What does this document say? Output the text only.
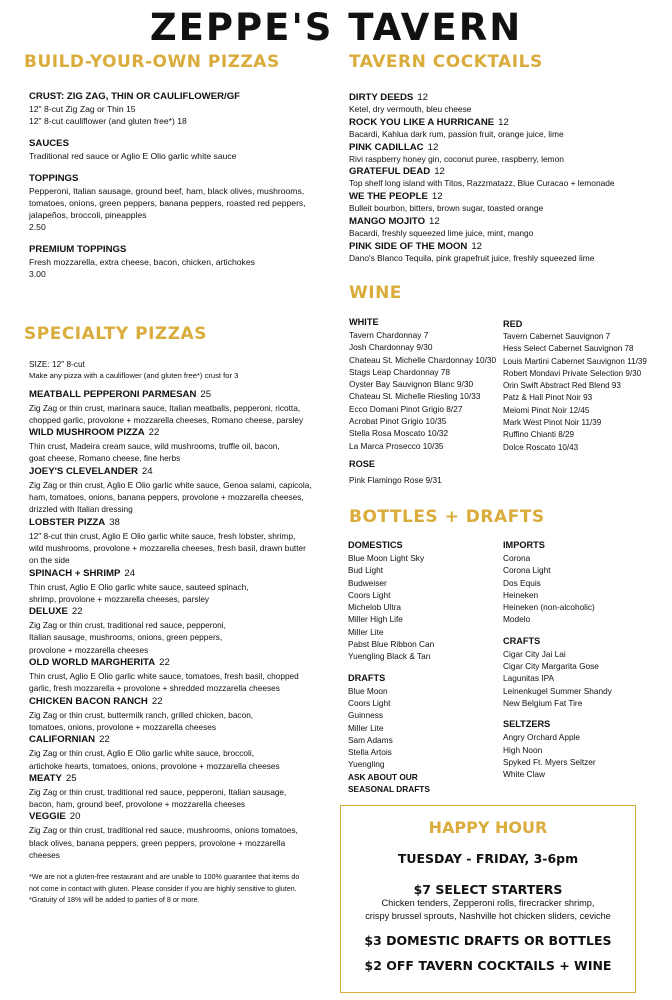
ZEPPE'S TAVERN
BUILD-YOUR-OWN PIZZAS
CRUST: ZIG ZAG, THIN OR CAULIFLOWER/GF
12" 8-cut Zig Zag or Thin 15
12" 8-cut cauliflower (and gluten free*) 18
SAUCES
Traditional red sauce or Aglio E Olio garlic white sauce
TOPPINGS
Pepperoni, Italian sausage, ground beef, ham, black olives, mushrooms,
tomatoes, onions, green peppers, banana peppers, roasted red peppers,
jalapeños, broccoli, pineapples
2.50
PREMIUM TOPPINGS
Fresh mozzarella, extra cheese, bacon, chicken, artichokes
3.00
SPECIALTY PIZZAS
SIZE: 12" 8-cut
Make any pizza with a cauliflower (and gluten free*) crust for 3
MEATBALL PEPPERONI PARMESAN 25
Zig Zag or thin crust, marinara sauce, Italian meatballs, pepperoni, ricotta,
chopped garlic, provolone + mozzarella cheeses, Romano cheese, parsley
WILD MUSHROOM PIZZA 22
Thin crust, Madeira cream sauce, wild mushrooms, truffle oil, bacon,
goat cheese, Romano cheese, fine herbs
JOEY'S CLEVELANDER 24
Zig Zag or thin crust, Aglio E Olio garlic white sauce, Genoa salami, capicola,
ham, tomatoes, onions, banana peppers, provolone + mozzarella cheeses,
drizzled with Italian dressing
LOBSTER PIZZA 38
12" 8-cut thin crust, Aglio E Olio garlic white sauce, fresh lobster, shrimp,
wild mushrooms, provolone + mozzarella cheeses, fresh basil, drawn butter
on the side
SPINACH + SHRIMP 24
Thin crust, Aglio E Olio garlic white sauce, sauteed spinach,
shrimp, provolone + mozzarella cheeses, parsley
DELUXE 22
Zig Zag or thin crust, traditional red sauce, pepperoni,
Italian sausage, mushrooms, onions, green peppers,
provolone + mozzarella cheeses
OLD WORLD MARGHERITA 22
Thin crust, Aglio E Olio garlic white sauce, tomatoes, fresh basil, chopped
garlic, fresh mozzarella + provolone + shredded mozzarella cheeses
CHICKEN BACON RANCH 22
Zig Zag or thin crust, buttermilk ranch, grilled chicken, bacon,
tomatoes, onions, provolone + mozzarella cheeses
CALIFORNIAN 22
Zig Zag or thin crust, Aglio E Olio garlic white sauce, broccoli,
artichoke hearts, tomatoes, onions, provolone + mozzarella cheeses
MEATY 25
Zig Zag or thin crust, traditional red sauce, pepperoni, Italian sausage,
bacon, ham, ground beef, provolone + mozzarella cheeses
VEGGIE 20
Zig Zag or thin crust, traditional red sauce, mushrooms, onions tomatoes,
black olives, banana peppers, green peppers, provolone + mozzarella
cheeses
*We are not a gluten-free restaurant and are unable to 100% guarantee that items do
not come in contact with gluten. Please consider if you are highly sensitive to gluten.
*Gratuity of 18% will be added to parties of 8 or more.
TAVERN COCKTAILS
DIRTY DEEDS 12
Ketel, dry vermouth, bleu cheese
ROCK YOU LIKE A HURRICANE 12
Bacardi, Kahlua dark rum, passion fruit, orange juice, lime
PINK CADILLAC 12
Rivi raspberry honey gin, coconut puree, raspberry, lemon
GRATEFUL DEAD 12
Top shelf long island with Titos, Razzmatazz, Blue Curacao + lemonade
WE THE PEOPLE 12
Bulleit bourbon, bitters, brown sugar, toasted orange
MANGO MOJITO 12
Bacardi, freshly squeezed lime juice, mint, mango
PINK SIDE OF THE MOON 12
Dano's Blanco Tequila, pink grapefruit juice, freshly squeezed lime
WINE
WHITE
Tavern Chardonnay 7
Josh Chardonnay 9/30
Chateau St. Michelle Chardonnay 10/30
Stags Leap Chardonnay 78
Oyster Bay Sauvignon Blanc 9/30
Chateau St. Michelle Riesling 10/33
Ecco Domani Pinot Grigio 8/27
Acrobat Pinot Grigio 10/35
Stella Rosa Moscato 10/32
La Marca Prosecco 10/35
ROSE
Pink Flamingo Rose 9/31
RED
Tavern Cabernet Sauvignon 7
Hess Select Cabernet Sauvignon 78
Louis Martini Cabernet Sauvignon 11/39
Robert Mondavi Private Selection 9/30
Orin Swift Abstract Red Blend 93
Patz & Hall Pinot Noir 93
Meiomi Pinot Noir 12/45
Mark West Pinot Noir 11/39
Ruffino Chianti 8/29
Dolce Roscato 10/43
BOTTLES + DRAFTS
DOMESTICS
Blue Moon Light Sky
Bud Light
Budweiser
Coors Light
Michelob Ultra
Miller High Life
Miller Lite
Pabst Blue Ribbon Can
Yuengling Black & Tan
DRAFTS
Blue Moon
Coors Light
Guinness
Miller Lite
Sam Adams
Stella Artois
Yuengling
ASK ABOUT OUR
SEASONAL DRAFTS
IMPORTS
Corona
Corona Light
Dos Equis
Heineken
Heineken (non-alcoholic)
Modelo
CRAFTS
Cigar City Jai Lai
Cigar City Margarita Gose
Lagunitas IPA
Leinenkugel Summer Shandy
New Belgium Fat Tire
SELTZERS
Angry Orchard Apple
High Noon
Spyked Ft. Myers Seltzer
White Claw
HAPPY HOUR
TUESDAY - FRIDAY, 3-6pm
$7 SELECT STARTERS
Chicken tenders, Zepperoni rolls, firecracker shrimp,
crispy brussel sprouts, Nashville hot chicken sliders, ceviche
$3 DOMESTIC DRAFTS OR BOTTLES
$2 OFF TAVERN COCKTAILS + WINE
